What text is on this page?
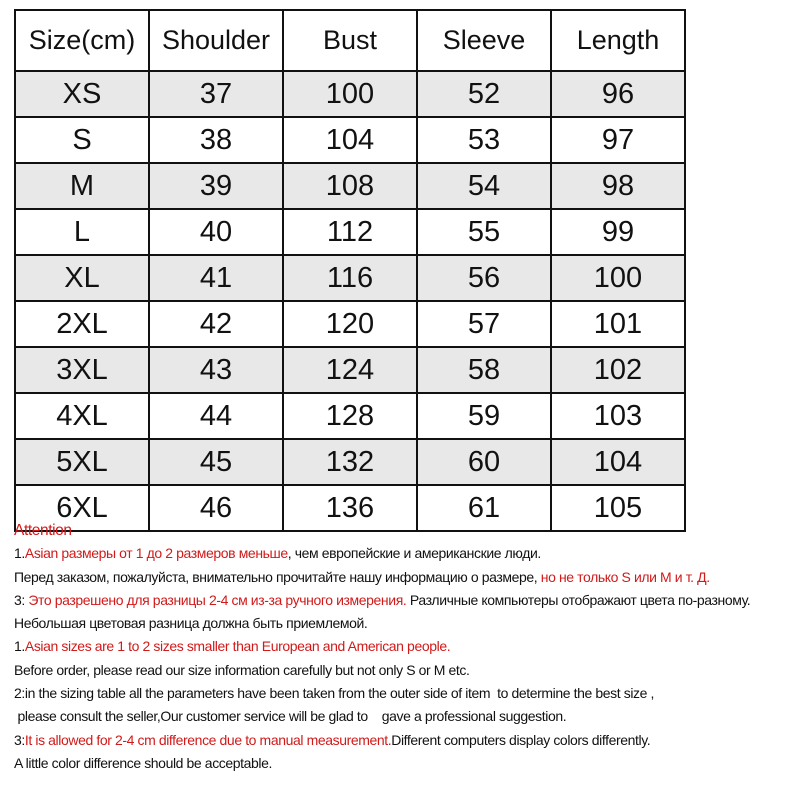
Size(cm)	Shoulder	Bust	Sleeve	Length
XS	37	100	52	96
S	38	104	53	97
M	39	108	54	98
L	40	112	55	99
XL	41	116	56	100
2XL	42	120	57	101
3XL	43	124	58	102
4XL	44	128	59	103
5XL	45	132	60	104
6XL	46	136	61	105
Attention
1.Asian размеры от 1 до 2 размеров меньше, чем европейские и американские люди.
Перед заказом, пожалуйста, внимательно прочитайте нашу информацию о размере, но не только S или M и т. Д.
3: Это разрешено для разницы 2-4 см из-за ручного измерения. Различные компьютеры отображают цвета по-разному.
Небольшая цветовая разница должна быть приемлемой.
1.Asian sizes are 1 to 2 sizes smaller than European and American people.
Before order, please read our size information carefully but not only S or M etc.
2:in the sizing table all the parameters have been taken from the outer side of item  to determine the best size ,
please consult the seller,Our customer service will be glad to    gave a professional suggestion.
3:It is allowed for 2-4 cm difference due to manual measurement.Different computers display colors differently.
A little color difference should be acceptable.
